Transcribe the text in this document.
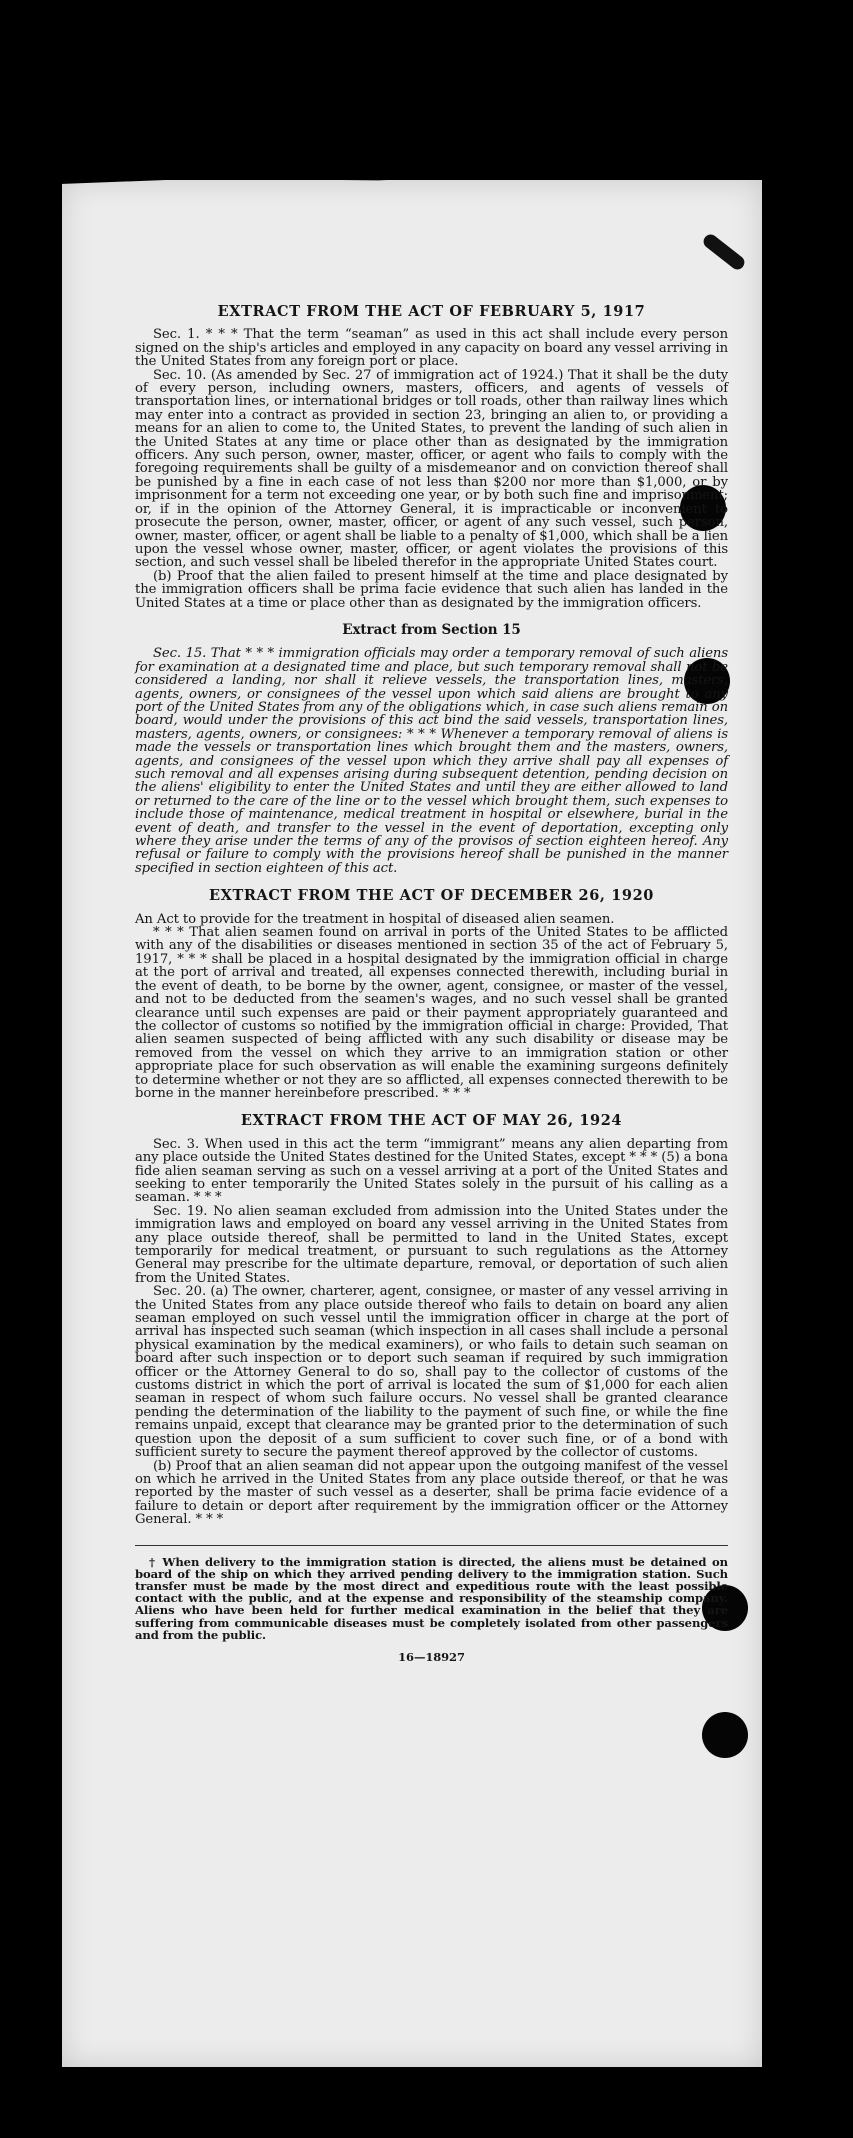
EXTRACT FROM THE ACT OF FEBRUARY 5, 1917

Sec. 1. * * * That the term “seaman” as used in this act shall include every person signed on the ship's articles and employed in any capacity on board any vessel arriving in the United States from any foreign port or place.

Sec. 10. (As amended by Sec. 27 of immigration act of 1924.) That it shall be the duty of every person, including owners, masters, officers, and agents of vessels of transportation lines, or international bridges or toll roads, other than railway lines which may enter into a contract as provided in section 23, bringing an alien to, or providing a means for an alien to come to, the United States, to prevent the landing of such alien in the United States at any time or place other than as designated by the immigration officers. Any such person, owner, master, officer, or agent who fails to comply with the foregoing requirements shall be guilty of a misdemeanor and on conviction thereof shall be punished by a fine in each case of not less than $200 nor more than $1,000, or by imprisonment for a term not exceeding one year, or by both such fine and imprisonment; or, if in the opinion of the Attorney General, it is impracticable or inconvenient to prosecute the person, owner, master, officer, or agent of any such vessel, such person, owner, master, officer, or agent shall be liable to a penalty of $1,000, which shall be a lien upon the vessel whose owner, master, officer, or agent violates the provisions of this section, and such vessel shall be libeled therefor in the appropriate United States court.

(b) Proof that the alien failed to present himself at the time and place designated by the immigration officers shall be prima facie evidence that such alien has landed in the United States at a time or place other than as designated by the immigration officers.

Extract from Section 15

Sec. 15. That * * * immigration officials may order a temporary removal of such aliens for examination at a designated time and place, but such temporary removal shall not be considered a landing, nor shall it relieve vessels, the transportation lines, masters, agents, owners, or consignees of the vessel upon which said aliens are brought to any port of the United States from any of the obligations which, in case such aliens remain on board, would under the provisions of this act bind the said vessels, transportation lines, masters, agents, owners, or consignees: * * * Whenever a temporary removal of aliens is made the vessels or transportation lines which brought them and the masters, owners, agents, and consignees of the vessel upon which they arrive shall pay all expenses of such removal and all expenses arising during subsequent detention, pending decision on the aliens' eligibility to enter the United States and until they are either allowed to land or returned to the care of the line or to the vessel which brought them, such expenses to include those of maintenance, medical treatment in hospital or elsewhere, burial in the event of death, and transfer to the vessel in the event of deportation, excepting only where they arise under the terms of any of the provisos of section eighteen hereof. Any refusal or failure to comply with the provisions hereof shall be punished in the manner specified in section eighteen of this act.

EXTRACT FROM THE ACT OF DECEMBER 26, 1920

An Act to provide for the treatment in hospital of diseased alien seamen.

* * * That alien seamen found on arrival in ports of the United States to be afflicted with any of the disabilities or diseases mentioned in section 35 of the act of February 5, 1917, * * * shall be placed in a hospital designated by the immigration official in charge at the port of arrival and treated, all expenses connected therewith, including burial in the event of death, to be borne by the owner, agent, consignee, or master of the vessel, and not to be deducted from the seamen's wages, and no such vessel shall be granted clearance until such expenses are paid or their payment appropriately guaranteed and the collector of customs so notified by the immigration official in charge: Provided, That alien seamen suspected of being afflicted with any such disability or disease may be removed from the vessel on which they arrive to an immigration station or other appropriate place for such observation as will enable the examining surgeons definitely to determine whether or not they are so afflicted, all expenses connected therewith to be borne in the manner hereinbefore prescribed. * * *

EXTRACT FROM THE ACT OF MAY 26, 1924

Sec. 3. When used in this act the term “immigrant” means any alien departing from any place outside the United States destined for the United States, except * * * (5) a bona fide alien seaman serving as such on a vessel arriving at a port of the United States and seeking to enter temporarily the United States solely in the pursuit of his calling as a seaman. * * *

Sec. 19. No alien seaman excluded from admission into the United States under the immigration laws and employed on board any vessel arriving in the United States from any place outside thereof, shall be permitted to land in the United States, except temporarily for medical treatment, or pursuant to such regulations as the Attorney General may prescribe for the ultimate departure, removal, or deportation of such alien from the United States.

Sec. 20. (a) The owner, charterer, agent, consignee, or master of any vessel arriving in the United States from any place outside thereof who fails to detain on board any alien seaman employed on such vessel until the immigration officer in charge at the port of arrival has inspected such seaman (which inspection in all cases shall include a personal physical examination by the medical examiners), or who fails to detain such seaman on board after such inspection or to deport such seaman if required by such immigration officer or the Attorney General to do so, shall pay to the collector of customs of the customs district in which the port of arrival is located the sum of $1,000 for each alien seaman in respect of whom such failure occurs. No vessel shall be granted clearance pending the determination of the liability to the payment of such fine, or while the fine remains unpaid, except that clearance may be granted prior to the determination of such question upon the deposit of a sum sufficient to cover such fine, or of a bond with sufficient surety to secure the payment thereof approved by the collector of customs.

(b) Proof that an alien seaman did not appear upon the outgoing manifest of the vessel on which he arrived in the United States from any place outside thereof, or that he was reported by the master of such vessel as a deserter, shall be prima facie evidence of a failure to detain or deport after requirement by the immigration officer or the Attorney General. * * *

† When delivery to the immigration station is directed, the aliens must be detained on board of the ship on which they arrived pending delivery to the immigration station. Such transfer must be made by the most direct and expeditious route with the least possible contact with the public, and at the expense and responsibility of the steamship company. Aliens who have been held for further medical examination in the belief that they are suffering from communicable diseases must be completely isolated from other passengers and from the public.

16—18927
